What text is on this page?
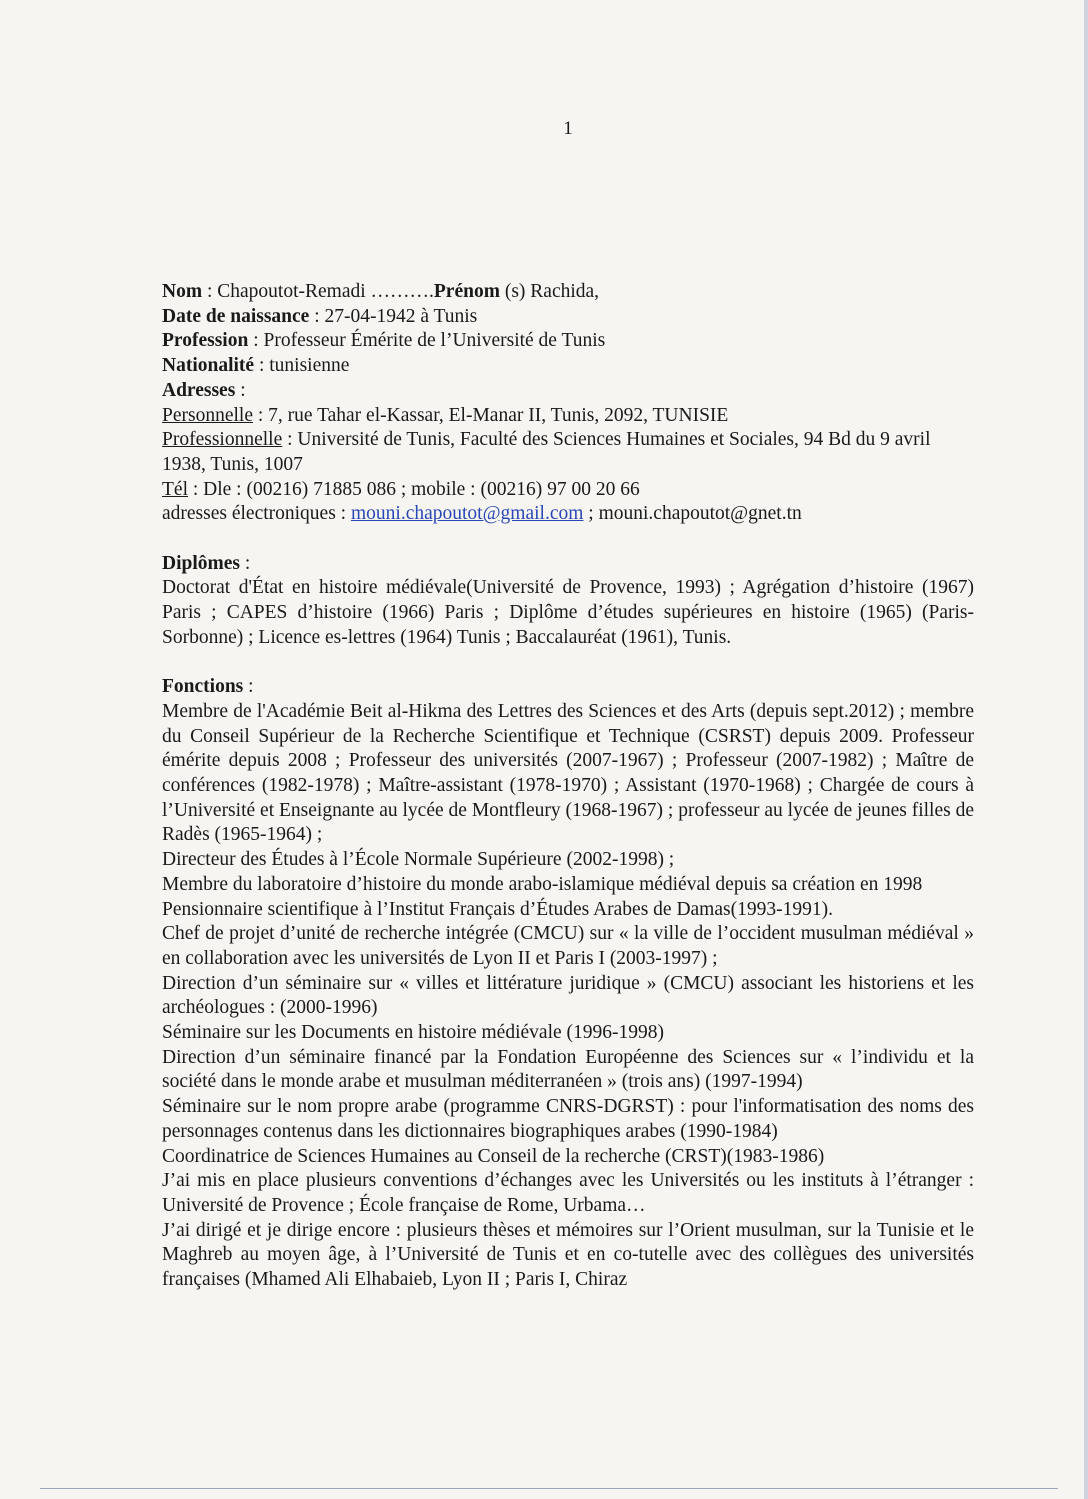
1

Nom : Chapoutot-Remadi ……….Prénom (s) Rachida,

Date de naissance : 27-04-1942 à Tunis

Profession : Professeur Émérite de l’Université de Tunis

Nationalité : tunisienne

Adresses :

Personnelle : 7, rue Tahar el-Kassar, El-Manar II, Tunis, 2092, TUNISIE

Professionnelle : Université de Tunis, Faculté des Sciences Humaines et Sociales, 94 Bd du 9 avril 1938, Tunis, 1007

Tél : Dle : (00216) 71885 086 ; mobile : (00216) 97 00 20 66

adresses électroniques : mouni.chapoutot@gmail.com ; mouni.chapoutot@gnet.tn

Diplômes :

Doctorat d'État en histoire médiévale(Université de Provence, 1993) ; Agrégation d’histoire (1967) Paris ; CAPES d’histoire (1966) Paris ; Diplôme d’études supérieures en histoire (1965) (Paris-Sorbonne) ; Licence es-lettres (1964) Tunis ; Baccalauréat (1961), Tunis.

Fonctions :

Membre de l'Académie Beit al-Hikma des Lettres des Sciences et des Arts (depuis sept.2012) ; membre du Conseil Supérieur de la Recherche Scientifique et Technique (CSRST) depuis 2009. Professeur émérite depuis 2008 ; Professeur des universités (2007-1967) ; Professeur (2007-1982) ; Maître de conférences (1982-1978) ; Maître-assistant (1978-1970) ; Assistant (1970-1968) ; Chargée de cours à l’Université et Enseignante au lycée de Montfleury (1968-1967) ; professeur au lycée de jeunes filles de Radès (1965-1964) ;

Directeur des Études à l’École Normale Supérieure (2002-1998) ;

Membre du laboratoire d’histoire du monde arabo-islamique médiéval depuis sa création en 1998

Pensionnaire scientifique à l’Institut Français d’Études Arabes de Damas(1993-1991).

Chef de projet d’unité de recherche intégrée (CMCU) sur « la ville de l’occident musulman médiéval » en collaboration avec les universités de Lyon II et Paris I (2003-1997) ;

Direction d’un séminaire sur « villes et littérature juridique » (CMCU) associant les historiens et les archéologues : (2000-1996)

Séminaire sur les Documents en histoire médiévale (1996-1998)

Direction d’un séminaire financé par la Fondation Européenne des Sciences sur « l’individu et la société dans le monde arabe et musulman méditerranéen » (trois ans) (1997-1994)

Séminaire sur le nom propre arabe (programme CNRS-DGRST) : pour l'informatisation des noms des personnages contenus dans les dictionnaires biographiques arabes (1990-1984)

Coordinatrice de Sciences Humaines au Conseil de la recherche (CRST)(1983-1986)

J’ai mis en place plusieurs conventions d’échanges avec les Universités ou les instituts à l’étranger : Université de Provence ; École française de Rome, Urbama…

J’ai dirigé et je dirige encore : plusieurs thèses et mémoires sur l’Orient musulman, sur la Tunisie et le Maghreb au moyen âge, à l’Université de Tunis et en co-tutelle avec des collègues des universités françaises (Mhamed Ali Elhabaieb, Lyon II ; Paris I, Chiraz
